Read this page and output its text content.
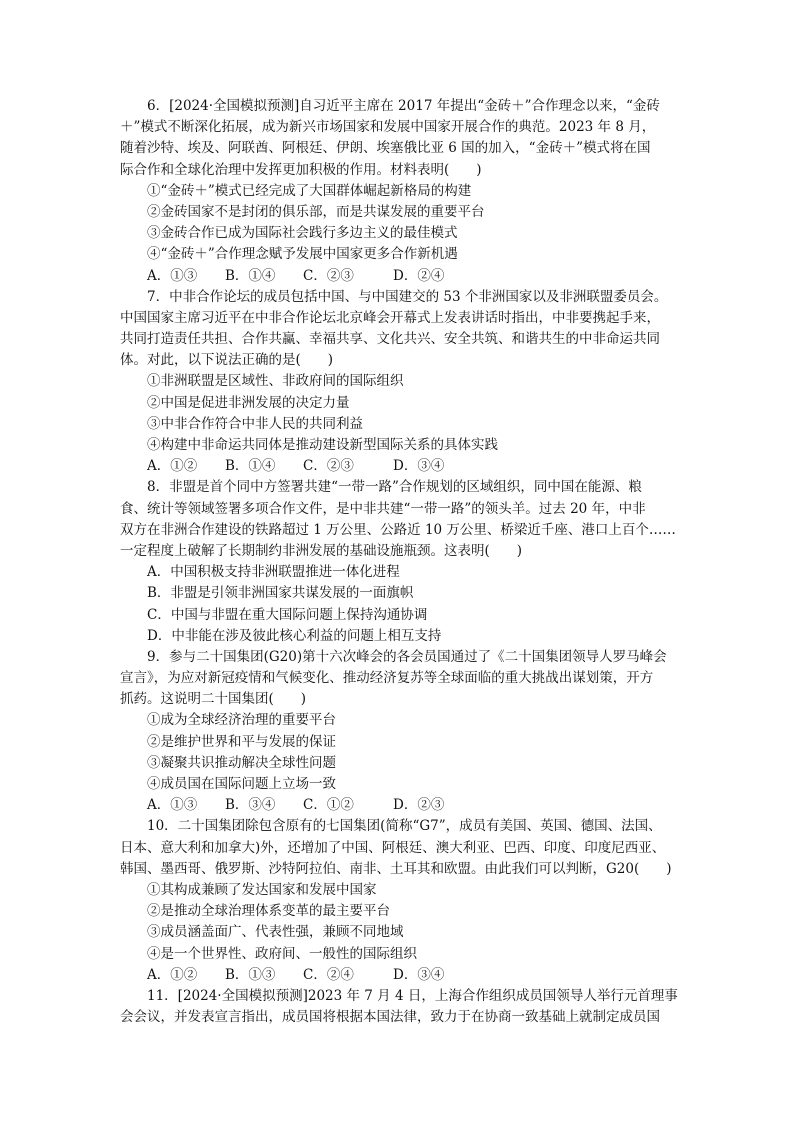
6．[2024·全国模拟预测]自习近平主席在 2017 年提出“金砖＋”合作理念以来，“金砖
＋”模式不断深化拓展，成为新兴市场国家和发展中国家开展合作的典范。2023 年 8 月，
随着沙特、埃及、阿联酋、阿根廷、伊朗、埃塞俄比亚 6 国的加入，“金砖＋”模式将在国
际合作和全球化治理中发挥更加积极的作用。材料表明(　　)
①“金砖＋”模式已经完成了大国群体崛起新格局的构建
②金砖国家不是封闭的俱乐部，而是共谋发展的重要平台
③金砖合作已成为国际社会践行多边主义的最佳模式
④“金砖＋”合作理念赋予发展中国家更多合作新机遇
A．①③ B．①④ C．②③	D．②④
7．中非合作论坛的成员包括中国、与中国建交的 53 个非洲国家以及非洲联盟委员会。
中国国家主席习近平在中非合作论坛北京峰会开幕式上发表讲话时指出，中非要携起手来，
共同打造责任共担、合作共赢、幸福共享、文化共兴、安全共筑、和谐共生的中非命运共同
体。对此，以下说法正确的是(　　)
①非洲联盟是区域性、非政府间的国际组织
②中国是促进非洲发展的决定力量
③中非合作符合中非人民的共同利益
④构建中非命运共同体是推动建设新型国际关系的具体实践
A．①② B．①④ C．②③	D．③④
8．非盟是首个同中方签署共建“一带一路”合作规划的区域组织，同中国在能源、粮
食、统计等领域签署多项合作文件，是中非共建“一带一路”的领头羊。过去 20 年，中非
双方在非洲合作建设的铁路超过 1 万公里、公路近 10 万公里、桥梁近千座、港口上百个……
一定程度上破解了长期制约非洲发展的基础设施瓶颈。这表明(　　)
A．中国积极支持非洲联盟推进一体化进程
B．非盟是引领非洲国家共谋发展的一面旗帜
C．中国与非盟在重大国际问题上保持沟通协调
D．中非能在涉及彼此核心利益的问题上相互支持
9．参与二十国集团(G20)第十六次峰会的各会员国通过了《二十国集团领导人罗马峰会
宣言》，为应对新冠疫情和气候变化、推动经济复苏等全球面临的重大挑战出谋划策，开方
抓药。这说明二十国集团(　　)
①成为全球经济治理的重要平台
②是维护世界和平与发展的保证
③凝聚共识推动解决全球性问题
④成员国在国际问题上立场一致
A．①③ B．③④ C．①②	D．②③
10．二十国集团除包含原有的七国集团(简称“G7”，成员有美国、英国、德国、法国、
日本、意大利和加拿大)外，还增加了中国、阿根廷、澳大利亚、巴西、印度、印度尼西亚、
韩国、墨西哥、俄罗斯、沙特阿拉伯、南非、土耳其和欧盟。由此我们可以判断，G20(　　)
①其构成兼顾了发达国家和发展中国家
②是推动全球治理体系变革的最主要平台
③成员涵盖面广、代表性强，兼顾不同地域
④是一个世界性、政府间、一般性的国际组织
A．①② B．①③ C．②④	D．③④
11．[2024·全国模拟预测]2023 年 7 月 4 日，上海合作组织成员国领导人举行元首理事
会会议，并发表宣言指出，成员国将根据本国法律，致力于在协商一致基础上就制定成员国
